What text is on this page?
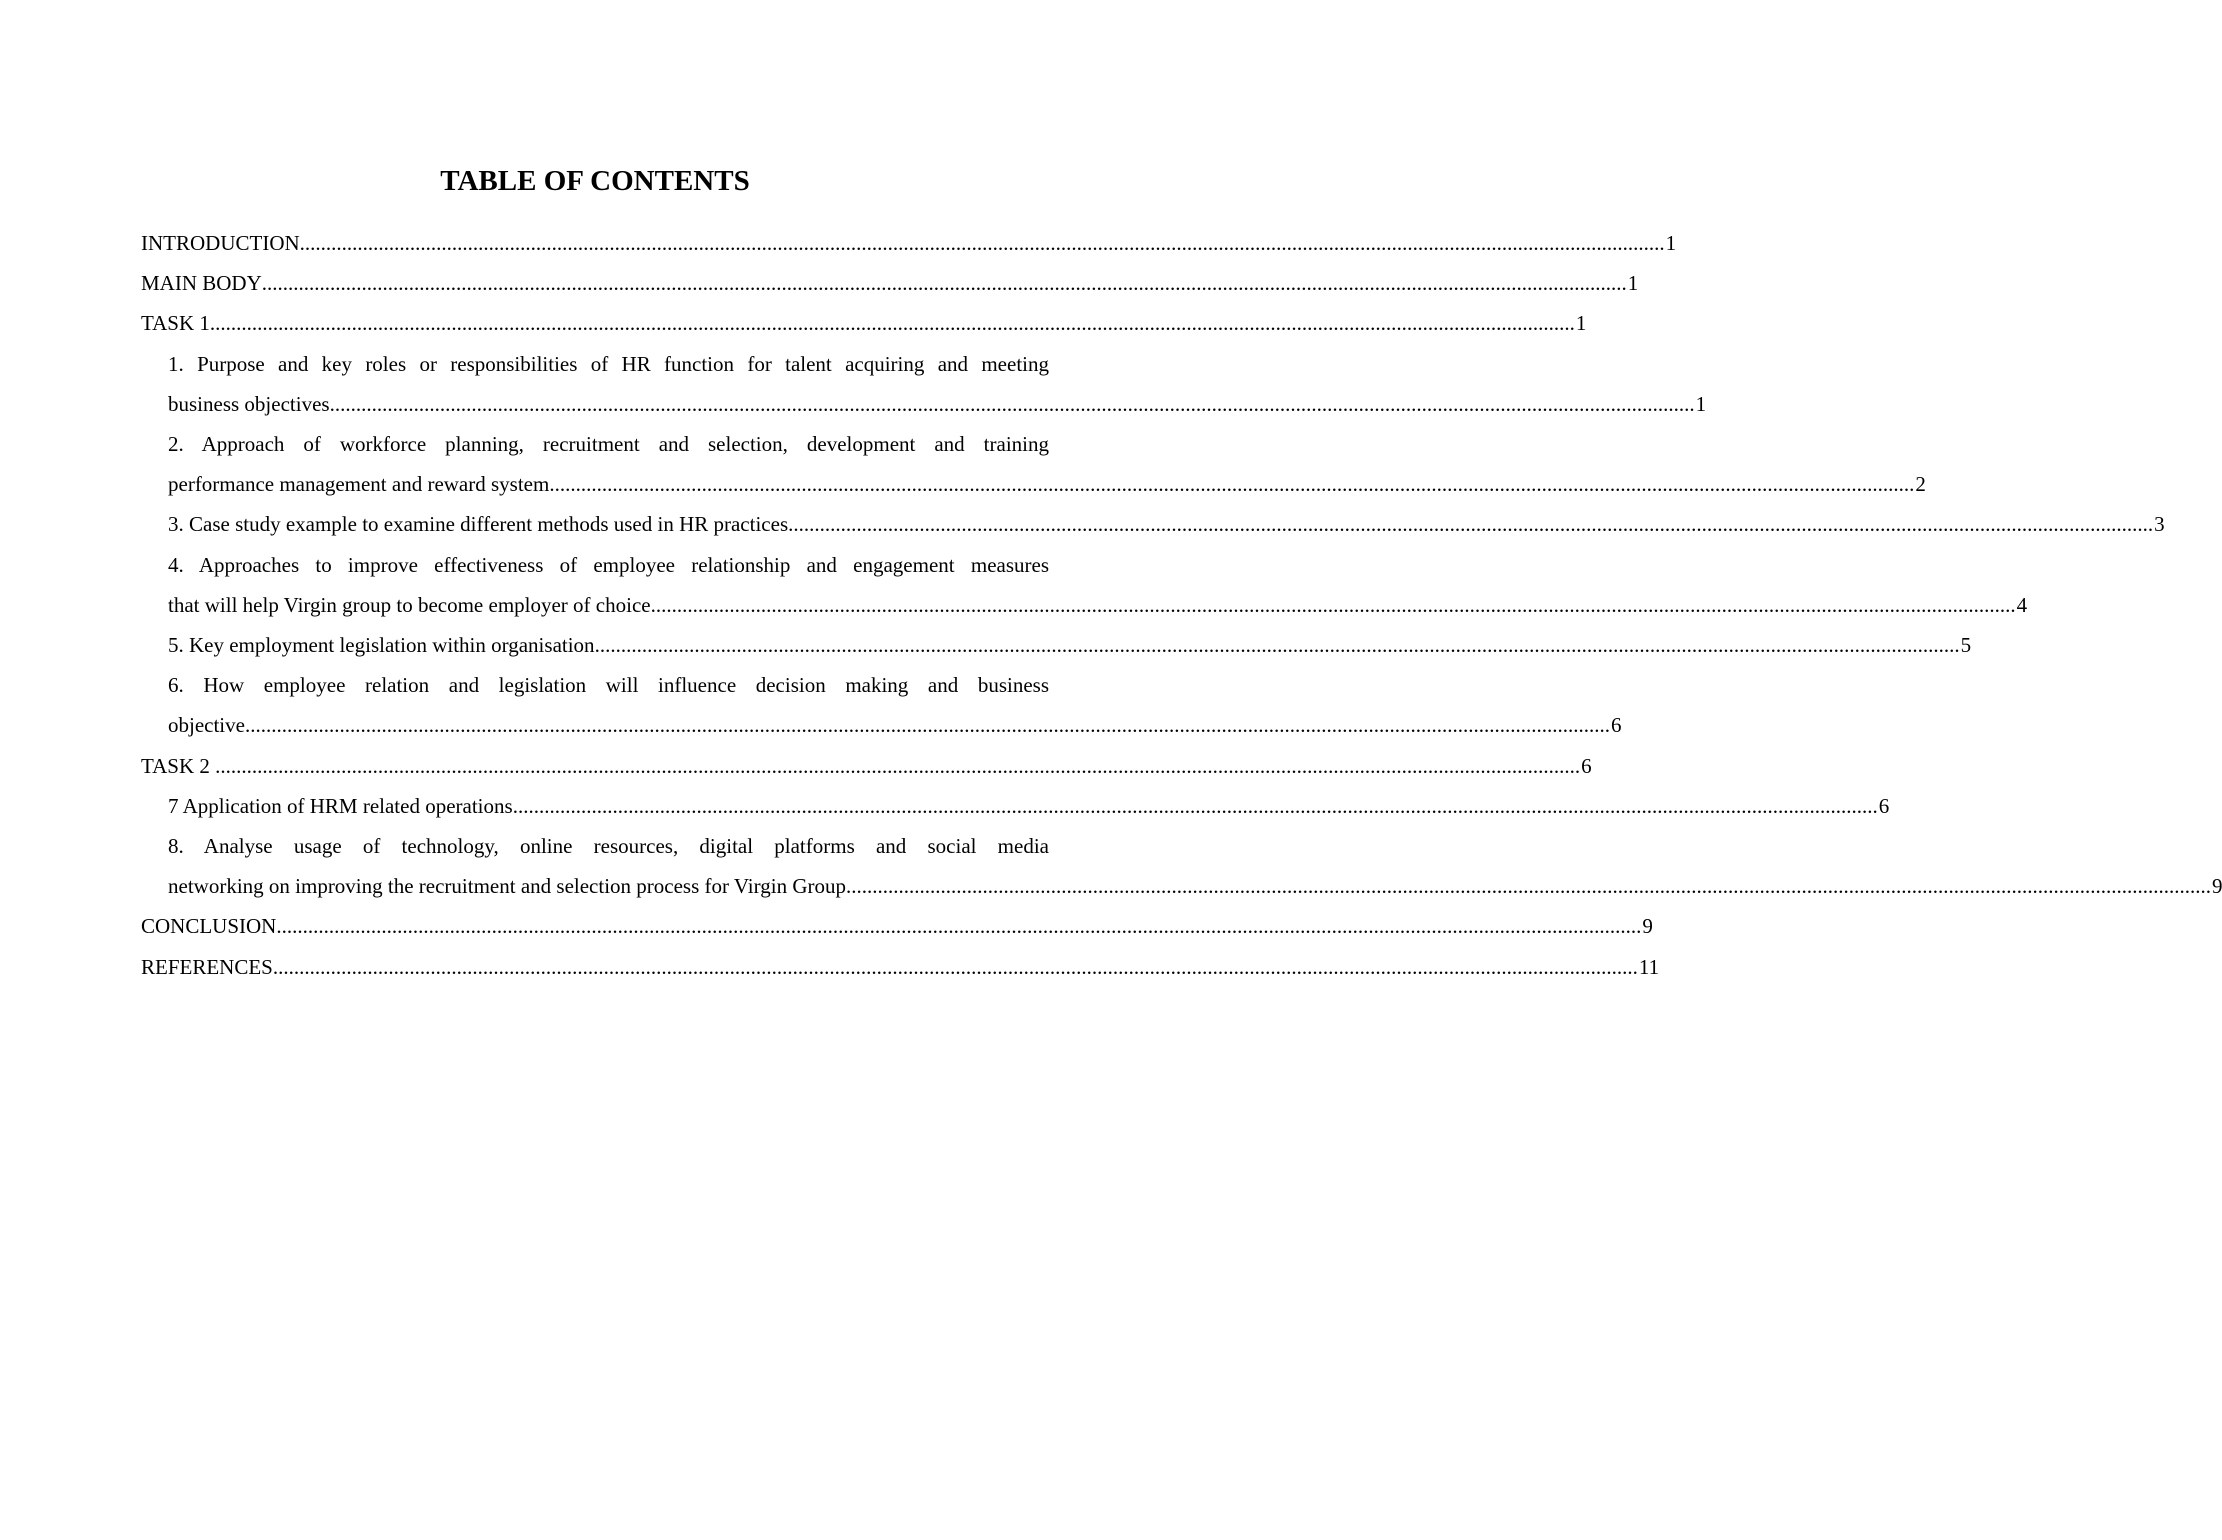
TABLE OF CONTENTS
INTRODUCTION .....	1
MAIN BODY .....	1
TASK 1 .....	1
1. Purpose and key roles or responsibilities of HR function for talent acquiring and meeting
business objectives .....	1
2. Approach of workforce planning, recruitment and selection, development and training
performance management and reward system .....	2
3. Case study example to examine different methods used in HR practices .....	3
4. Approaches to improve effectiveness of employee relationship and engagement measures
that will help Virgin group to become employer of choice .....	4
5. Key employment legislation within organisation .....	5
6. How employee relation and legislation will influence decision making and business
objective .....	6
TASK 2 .....	6
7 Application of HRM related operations .....	6
8. Analyse usage of technology, online resources, digital platforms and social media
networking on improving the recruitment and selection process for Virgin Group .....	9
CONCLUSION .....	9
REFERENCES .....	11
